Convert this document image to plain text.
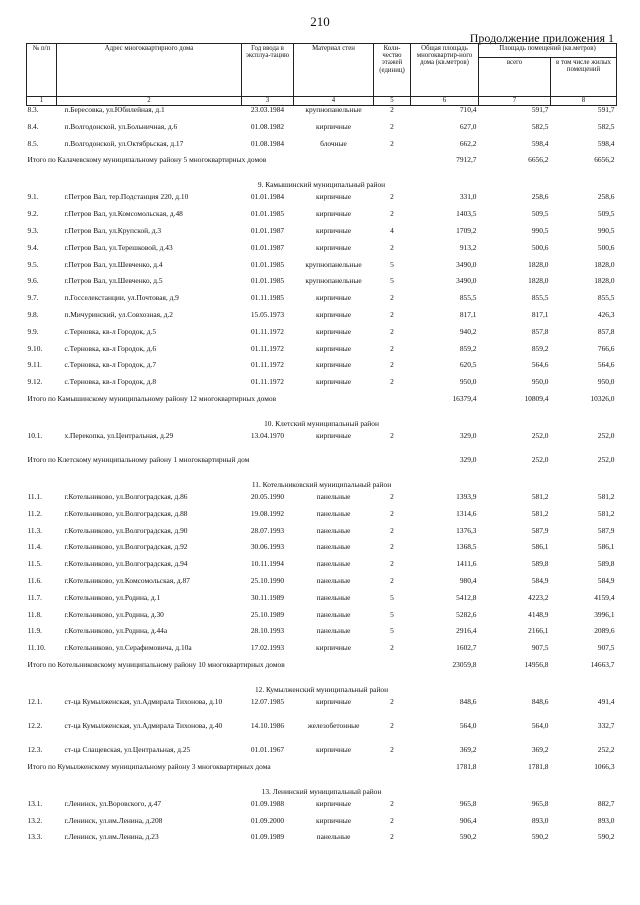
210
Продолжение приложения 1
№ п/п	Адрес многоквартирного дома	Год ввода в эксплуа-тацию	Материал стен	Коли-чество этажей (единиц)	Общая площадь многоквартир-ного дома (кв.метров)	Площадь помещений (кв.метров)	
						всего	в том числе жилых помещений
1	2	3	4	5	6	7	8
8.3.	п.Бересовка, ул.Юбилейная, д.1	23.03.1984	крупнопанельные	2	710,4	591,7	591,7
8.4.	п.Волгодонской, ул.Больничная, д.6	01.08.1982	кирпичные	2	627,0	582,5	582,5
8.5.	п.Волгодонской, ул.Октябрьская, д.17	01.08.1984	блочные	2	662,2	598,4	598,4
Итого по Калачевскому муниципальному району 5 многоквартирных домов					7912,7	6656,2	6656,2
9. Камышинский муниципальный район							
9.1.	г.Петров Вал, тер.Подстанция 220, д.10	01.01.1984	кирпичные	2	331,0	258,6	258,6
9.2.	г.Петров Вал, ул.Комсомольская, д.48	01.01.1985	кирпичные	2	1403,5	509,5	509,5
9.3.	г.Петров Вал, ул.Крупской, д.3	01.01.1987	кирпичные	4	1709,2	990,5	990,5
9.4.	г.Петров Вал, ул.Терешковой, д.43	01.01.1987	кирпичные	2	913,2	500,6	500,6
9.5.	г.Петров Вал, ул.Шевченко, д.4	01.01.1985	крупнопанельные	5	3490,0	1828,0	1828,0
9.6.	г.Петров Вал, ул.Шевченко, д.5	01.01.1985	крупнопанельные	5	3490,0	1828,0	1828,0
9.7.	п.Госселекстанции, ул.Почтовая, д.9	01.11.1985	кирпичные	2	855,5	855,5	855,5
9.8.	п.Мичуринский, ул.Совхозная, д.2	15.05.1973	кирпичные	2	817,1	817,1	426,3
9.9.	с.Терновка, кв-л Городок, д.5	01.11.1972	кирпичные	2	940,2	857,8	857,8
9.10.	с.Терновка, кв-л Городок, д.6	01.11.1972	кирпичные	2	859,2	859,2	766,6
9.11.	с.Терновка, кв-л Городок, д.7	01.11.1972	кирпичные	2	620,5	564,6	564,6
9.12.	с.Терновка, кв-л Городок, д.8	01.11.1972	кирпичные	2	950,0	950,0	950,0
Итого по Камышинскому муниципальному району 12 многоквартирных домов					16379,4	10809,4	10326,0
10. Клетский муниципальный район							
10.1.	х.Перекопка, ул.Центральная, д.29	13.04.1970	кирпичные	2	329,0	252,0	252,0
Итого по Клетскому муниципальному району 1 многоквартирный дом					329,0	252,0	252,0
11. Котельниковский муниципальный район							
11.1.	г.Котельниково, ул.Волгоградская, д.86	20.05.1990	панельные	2	1393,9	581,2	581,2
11.2.	г.Котельниково, ул.Волгоградская, д.88	19.08.1992	панельные	2	1314,6	581,2	581,2
11.3.	г.Котельниково, ул.Волгоградская, д.90	28.07.1993	панельные	2	1376,3	587,9	587,9
11.4.	г.Котельниково, ул.Волгоградская, д.92	30.06.1993	панельные	2	1368,5	586,1	586,1
11.5.	г.Котельниково, ул.Волгоградская, д.94	10.11.1994	панельные	2	1411,6	589,8	589,8
11.6.	г.Котельниково, ул.Комсомольская, д.87	25.10.1990	панельные	2	980,4	584,9	584,9
11.7.	г.Котельниково, ул.Родина, д.1	30.11.1989	панельные	5	5412,8	4223,2	4159,4
11.8.	г.Котельниково, ул.Родина, д.30	25.10.1989	панельные	5	5282,6	4148,9	3996,1
11.9.	г.Котельниково, ул.Родина, д.44а	28.10.1993	панельные	5	2916,4	2166,1	2089,6
11.10.	г.Котельниково, ул.Серафимовича, д.10а	17.02.1993	кирпичные	2	1602,7	907,5	907,5
Итого по Котельниковскому муниципальному району 10 многоквартирных домов					23059,8	14956,8	14663,7
12. Кумылженский муниципальный район							
12.1.	ст-ца Кумылженская, ул.Адмирала Тихонова, д.10	12.07.1985	кирпичные	2	848,6	848,6	491,4
12.2.	ст-ца Кумылженская, ул.Адмирала Тихонова, д.40	14.10.1986	железобетонные	2	564,0	564,0	332,7
12.3.	ст-ца Слащевская, ул.Центральная, д.25	01.01.1967	кирпичные	2	369,2	369,2	252,2
Итого по Кумылженскому муниципальному району 3 многоквартирных дома					1781,8	1781,8	1066,3
13. Ленинский муниципальный район							
13.1.	г.Ленинск, ул.Воровского, д.47	01.09.1988	кирпичные	2	965,8	965,8	882,7
13.2.	г.Ленинск, ул.им.Ленина, д.208	01.09.2000	кирпичные	2	906,4	893,0	893,0
13.3.	г.Ленинск, ул.им.Ленина, д.23	01.09.1989	панельные	2	590,2	590,2	590,2
